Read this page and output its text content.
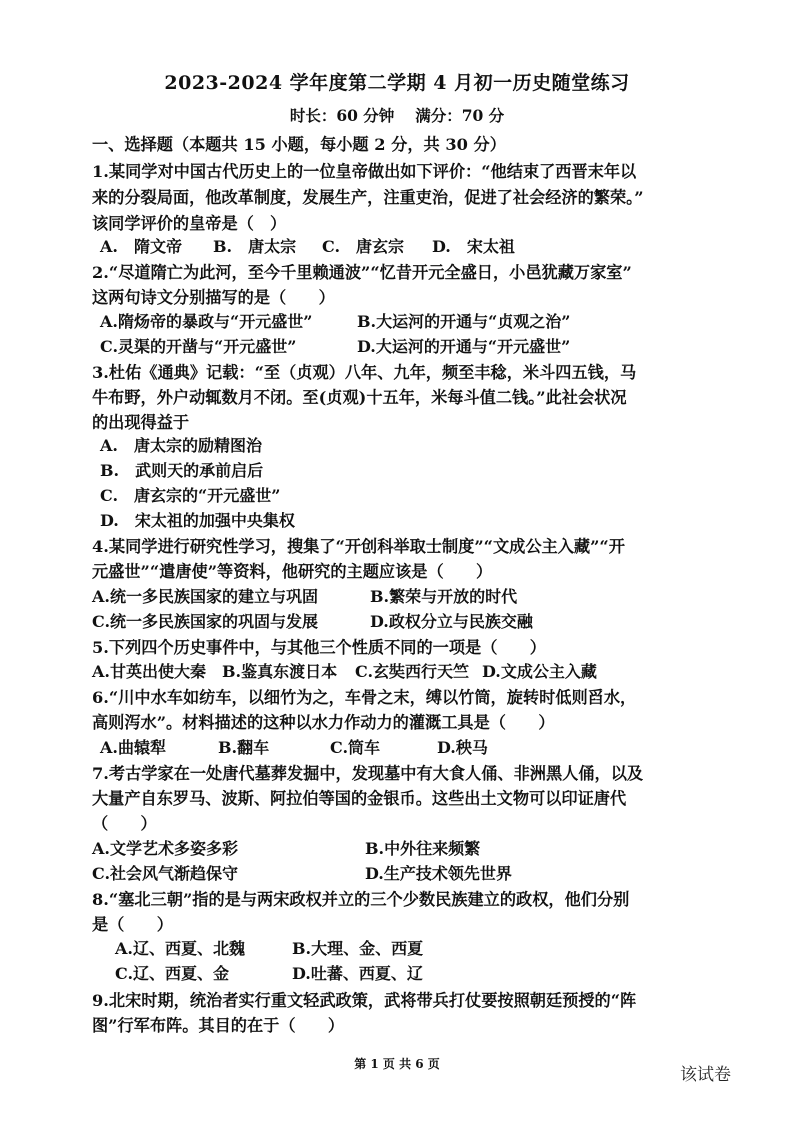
2023-2024 学年度第二学期 4 月初一历史随堂练习
时长：60 分钟　 满分：70 分
一、选择题（本题共 15 小题，每小题 2 分，共 30 分）
1.某同学对中国古代历史上的一位皇帝做出如下评价：“他结束了西晋末年以
来的分裂局面，他改革制度，发展生产，注重吏治，促进了社会经济的繁荣。”
该同学评价的皇帝是（　）
A.　隋文帝 B.　唐太宗 C.　唐玄宗 D.　宋太祖
2.“尽道隋亡为此河，至今千里赖通波”“忆昔开元全盛日，小邑犹藏万家室”
这两句诗文分别描写的是（　　）
A.隋炀帝的暴政与“开元盛世”	B.大运河的开通与“贞观之治”
C.灵渠的开凿与“开元盛世”	D.大运河的开通与“开元盛世”
3.杜佑《通典》记载：“至（贞观）八年、九年，频至丰稔，米斗四五钱，马
牛布野，外户动辄数月不闭。至(贞观)十五年，米每斗值二钱。”此社会状况
的出现得益于
A.　唐太宗的励精图治
B.　武则天的承前启后
C.　唐玄宗的“开元盛世”
D.　宋太祖的加强中央集权
4.某同学进行研究性学习，搜集了“开创科举取士制度”“文成公主入藏”“开
元盛世”“遣唐使”等资料，他研究的主题应该是（　　）
A.统一多民族国家的建立与巩固	B.繁荣与开放的时代
C.统一多民族国家的巩固与发展	D.政权分立与民族交融
5.下列四个历史事件中，与其他三个性质不同的一项是（　　）
A.甘英出使大秦 B.鉴真东渡日本 C.玄奘西行天竺 D.文成公主入藏
6.“川中水车如纺车，以细竹为之，车骨之末，缚以竹筒，旋转时低则舀水，
高则泻水”。材料描述的这种以水力作动力的灌溉工具是（　　）
A.曲辕犁	B.翻车	C.筒车	D.秧马
7.考古学家在一处唐代墓葬发掘中，发现墓中有大食人俑、非洲黑人俑，以及
大量产自东罗马、波斯、阿拉伯等国的金银币。这些出土文物可以印证唐代
（　　）
A.文学艺术多姿多彩	B.中外往来频繁
C.社会风气渐趋保守	D.生产技术领先世界
8.“塞北三朝”指的是与两宋政权并立的三个少数民族建立的政权，他们分别
是（　　）
A.辽、西夏、北魏	B.大理、金、西夏
C.辽、西夏、金	D.吐蕃、西夏、辽
9.北宋时期，统治者实行重文轻武政策，武将带兵打仗要按照朝廷预授的“阵
图”行军布阵。其目的在于（　　）
第 1 页 共 6 页
该试卷
